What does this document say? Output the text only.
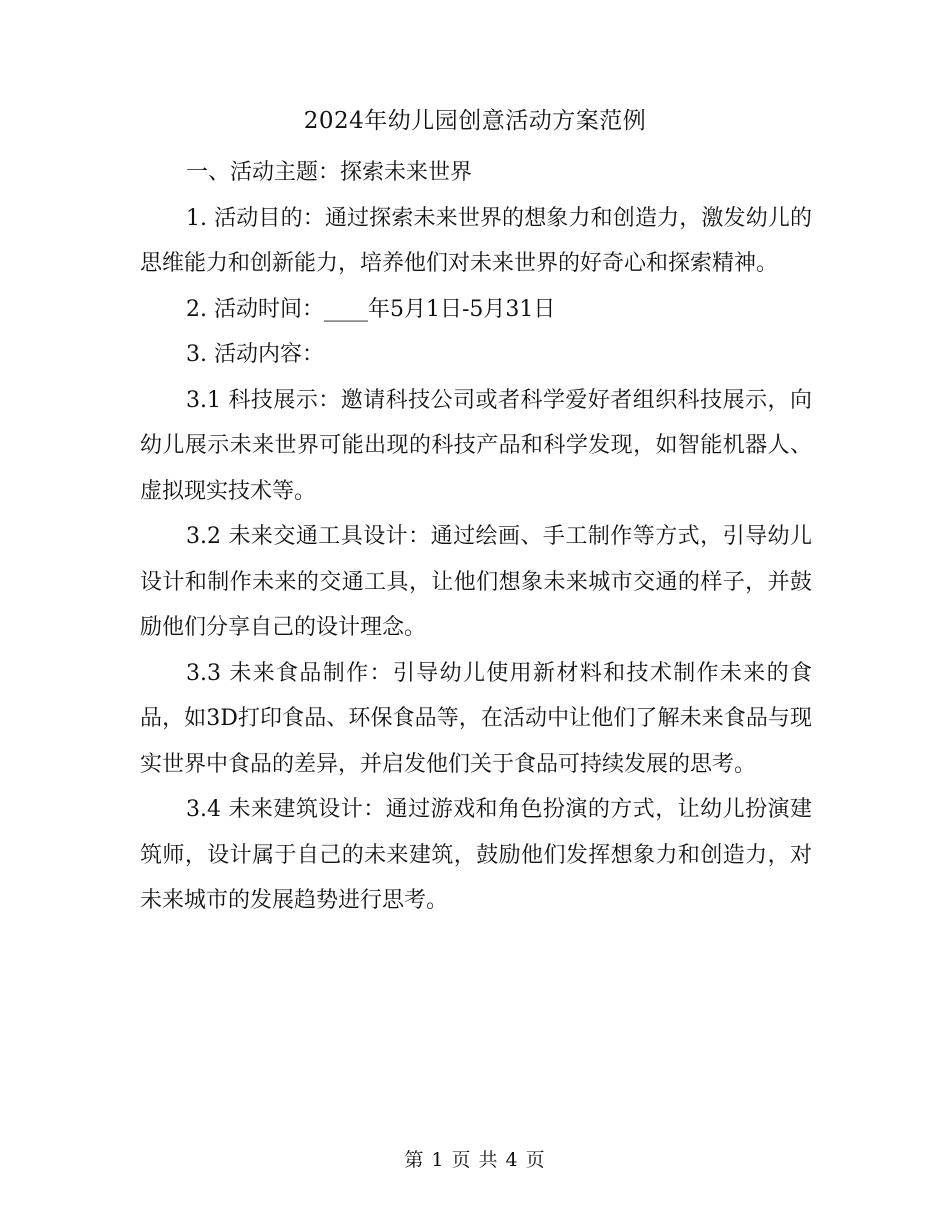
2024年幼儿园创意活动方案范例

一、活动主题：探索未来世界

1. 活动目的：通过探索未来世界的想象力和创造力，激发幼儿的思维能力和创新能力，培养他们对未来世界的好奇心和探索精神。

2. 活动时间：____年5月1日-5月31日

3. 活动内容：

3.1 科技展示：邀请科技公司或者科学爱好者组织科技展示，向幼儿展示未来世界可能出现的科技产品和科学发现，如智能机器人、虚拟现实技术等。

3.2 未来交通工具设计：通过绘画、手工制作等方式，引导幼儿设计和制作未来的交通工具，让他们想象未来城市交通的样子，并鼓励他们分享自己的设计理念。

3.3 未来食品制作：引导幼儿使用新材料和技术制作未来的食品，如3D打印食品、环保食品等，在活动中让他们了解未来食品与现实世界中食品的差异，并启发他们关于食品可持续发展的思考。

3.4 未来建筑设计：通过游戏和角色扮演的方式，让幼儿扮演建筑师，设计属于自己的未来建筑，鼓励他们发挥想象力和创造力，对未来城市的发展趋势进行思考。

第 1 页 共 4 页
